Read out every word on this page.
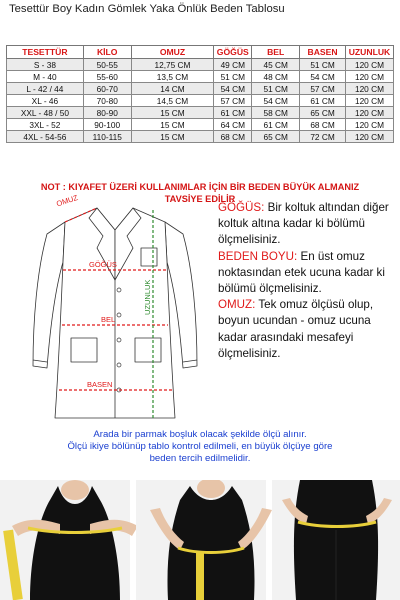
Tesettür Boy Kadın Gömlek Yaka Önlük Beden Tablosu
TESETTÜR	KİLO	OMUZ	GÖĞÜS	BEL	BASEN	UZUNLUK
S - 38	50-55	12,75 CM	49 CM	45 CM	51 CM	120 CM
M - 40	55-60	13,5 CM	51 CM	48 CM	54 CM	120 CM
L - 42 / 44	60-70	14 CM	54 CM	51 CM	57 CM	120 CM
XL - 46	70-80	14,5 CM	57 CM	54 CM	61 CM	120 CM
XXL - 48 / 50	80-90	15 CM	61 CM	58 CM	65 CM	120 CM
3XL - 52	90-100	15 CM	64 CM	61 CM	68 CM	120 CM
4XL - 54-56	110-115	15 CM	68 CM	65 CM	72 CM	120 CM
NOT : KIYAFET ÜZERİ KULLANIMLAR İÇİN BİR BEDEN BÜYÜK ALMANIZ
TAVSİYE EDİLİR
OMUZ
GÖĞÜS
BEL
BASEN
UZUNLUK

GÖĞÜS: Bir koltuk altından diğer koltuk altına kadar ki bölümü ölçmelisiniz.

BEDEN BOYU: En üst omuz noktasından etek ucuna kadar ki bölümü ölçmelisiniz.

OMUZ: Tek omuz ölçüsü olup, boyun ucundan - omuz ucuna kadar arasındaki mesafeyi ölçmelisiniz.

Arada bir parmak boşluk olacak şekilde ölçü alınır.
Ölçü ikiye bölünüp tablo kontrol edilmeli, en büyük ölçüye göre
beden tercih edilmelidir.
